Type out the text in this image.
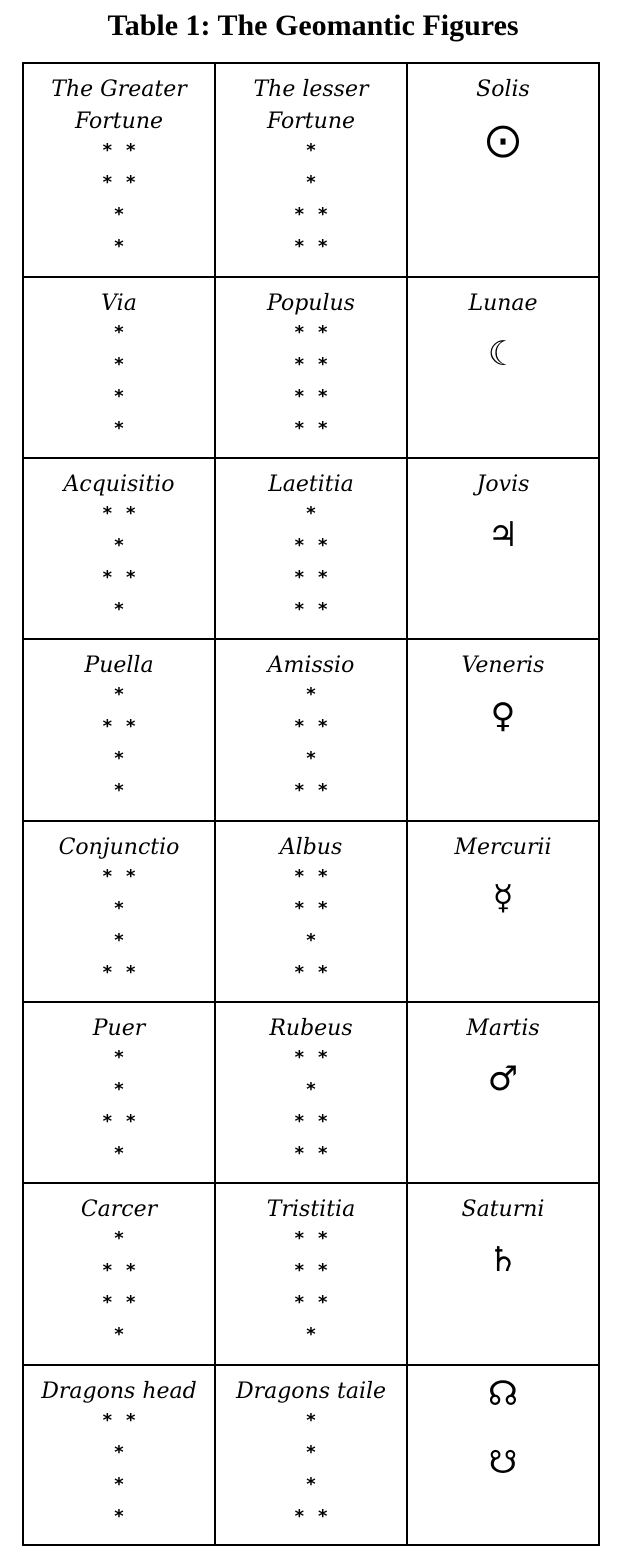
Table 1: The Geomantic Figures
The Greater Fortune
* *
* *
*
*
The lesser Fortune
*
*
* *
* *
Solis
⨀
Via
*
*
*
*
Populus
* *
* *
* *
* *
Lunae
☾
Acquisitio
* *
*
* *
*
Laetitia
*
* *
* *
* *
Jovis
♃
Puella
*
* *
*
*
Amissio
*
* *
*
* *
Veneris
♀
Conjunctio
* *
*
*
* *
Albus
* *
* *
*
* *
Mercurii
☿
Puer
*
*
* *
*
Rubeus
* *
*
* *
* *
Martis
♂
Carcer
*
* *
* *
*
Tristitia
* *
* *
* *
*
Saturni
♄
Dragons head
* *
*
*
*
Dragons taile
*
*
*
* *
☊
☋
